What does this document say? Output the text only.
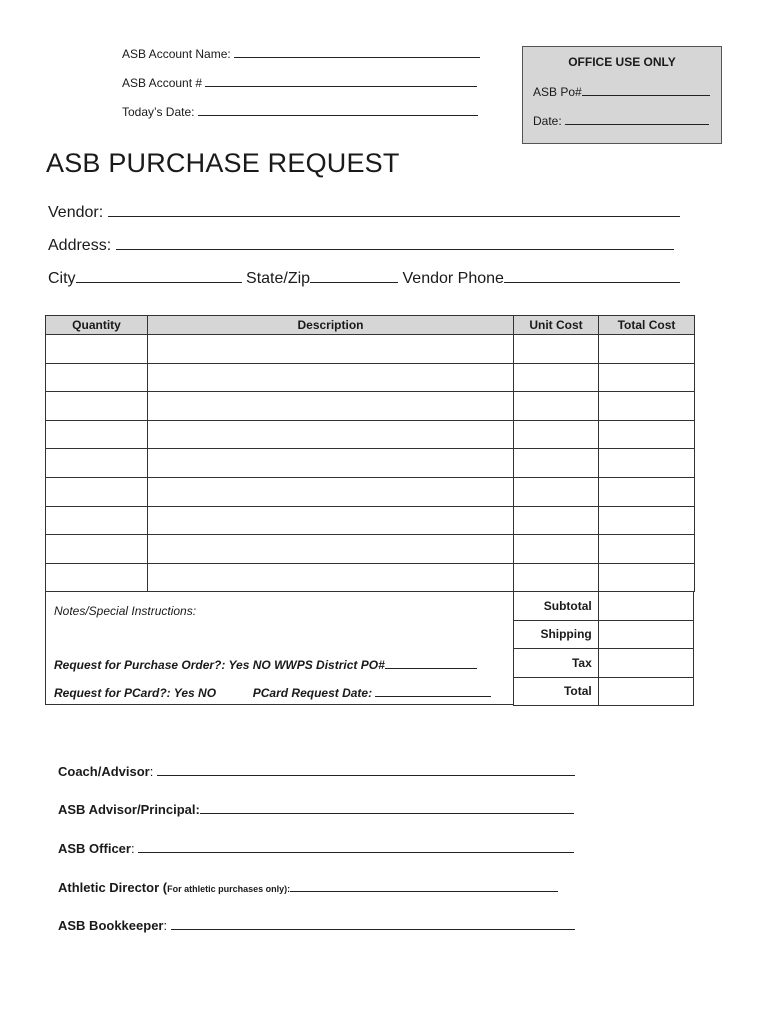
ASB Account Name:
ASB Account #
Today’s Date:
OFFICE USE ONLY
ASB Po#
Date:
ASB PURCHASE REQUEST
Vendor:
Address:
City	State/Zip	Vendor Phone
Quantity	Description	Unit Cost	Total Cost

Notes/Special Instructions:
Request for Purchase Order?: Yes NO WWPS District PO#
Request for PCard?: Yes NO	PCard Request Date:
Subtotal	
Shipping	
Tax	
Total	
Coach/Advisor:
ASB Advisor/Principal:
ASB Officer:
Athletic Director (For athletic purchases only):
ASB Bookkeeper:
